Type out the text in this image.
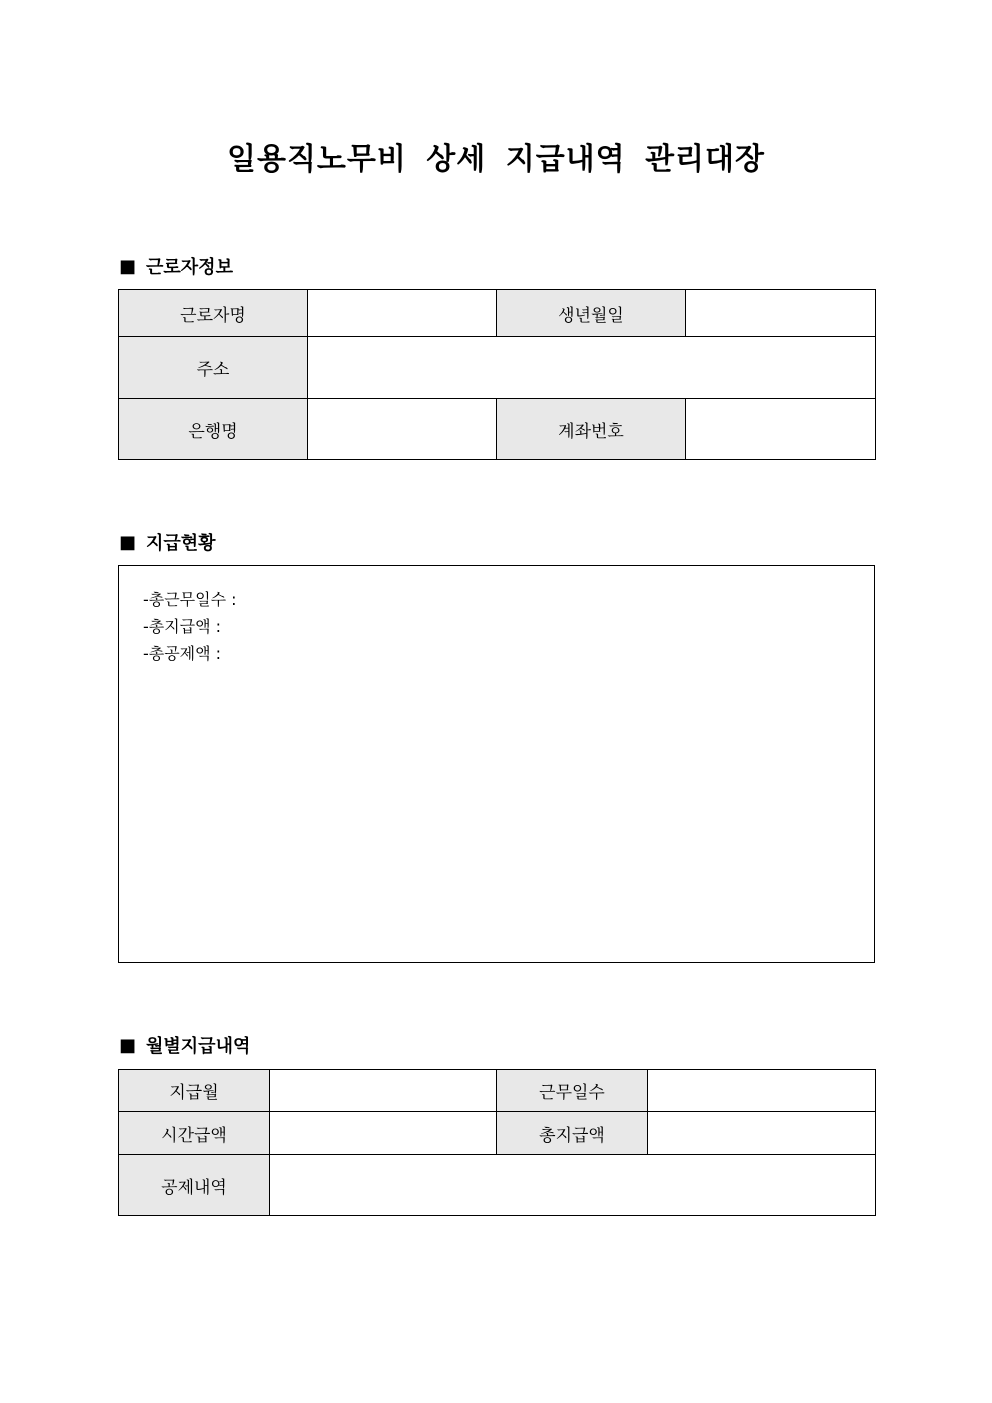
일용직노무비 상세 지급내역 관리대장
■ 근로자정보
근로자명		생년월일	
주소			
은행명		계좌번호	
■ 지급현황
-총근무일수 :
-총지급액 :
-총공제액 :
■ 월별지급내역
지급월		근무일수	
시간급액		총지급액	
공제내역			
